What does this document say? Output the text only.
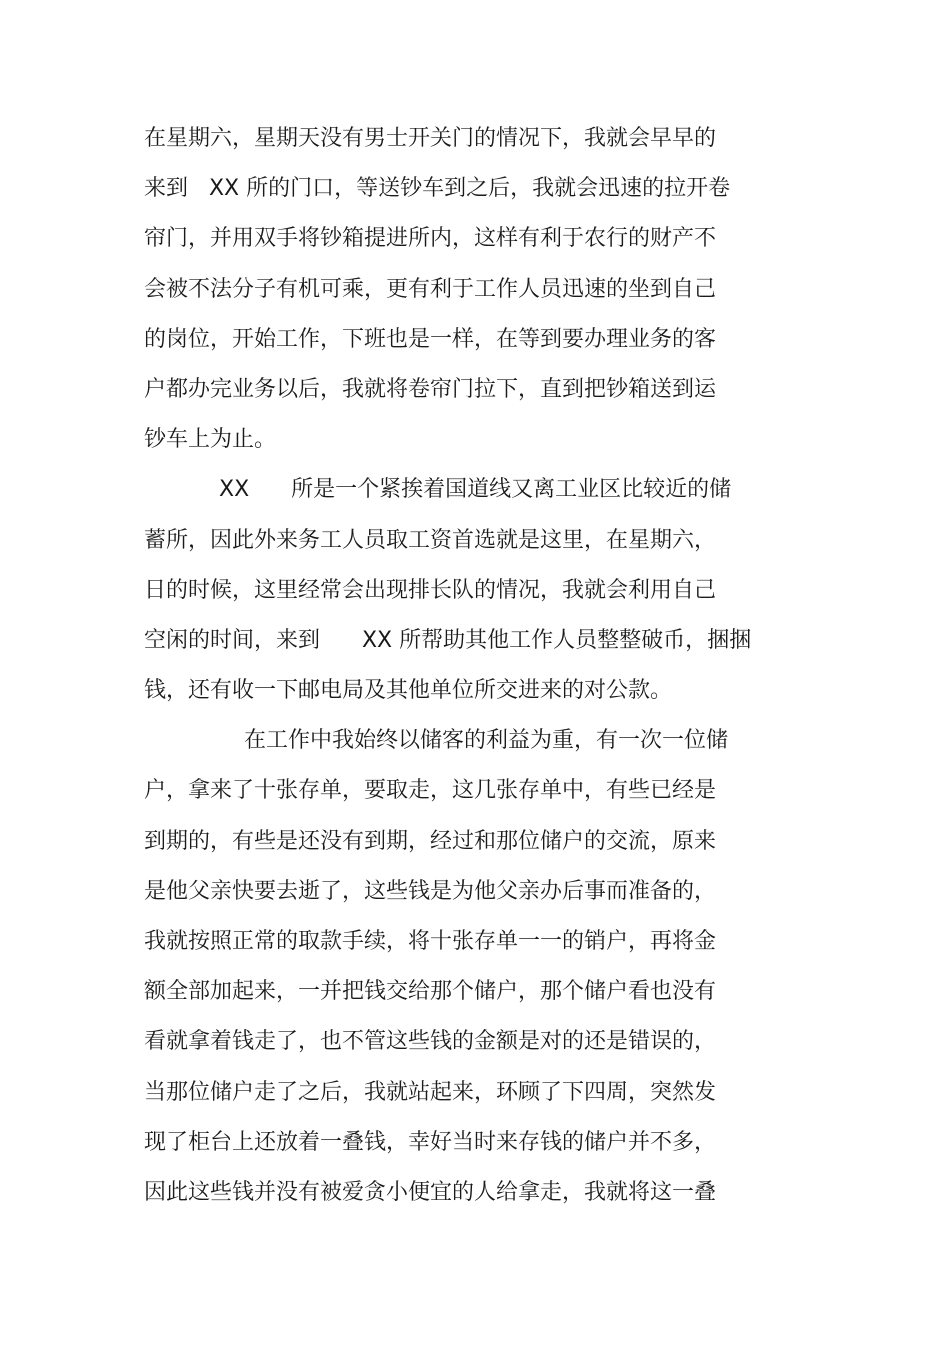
在星期六，星期天没有男士开关门的情况下，我就会早早的
来到   XX 所的门口，等送钞车到之后，我就会迅速的拉开卷
帘门，并用双手将钞箱提进所内，这样有利于农行的财产不
会被不法分子有机可乘，更有利于工作人员迅速的坐到自己
的岗位，开始工作，下班也是一样，在等到要办理业务的客
户都办完业务以后，我就将卷帘门拉下，直到把钞箱送到运
钞车上为止。
XX      所是一个紧挨着国道线又离工业区比较近的储
蓄所，因此外来务工人员取工资首选就是这里，在星期六，
日的时候，这里经常会出现排长队的情况，我就会利用自己
空闲的时间，来到      XX 所帮助其他工作人员整整破币，捆捆
钱，还有收一下邮电局及其他单位所交进来的对公款。
在工作中我始终以储客的利益为重，有一次一位储
户，拿来了十张存单，要取走，这几张存单中，有些已经是
到期的，有些是还没有到期，经过和那位储户的交流，原来
是他父亲快要去逝了，这些钱是为他父亲办后事而准备的，
我就按照正常的取款手续，将十张存单一一的销户，再将金
额全部加起来，一并把钱交给那个储户，那个储户看也没有
看就拿着钱走了，也不管这些钱的金额是对的还是错误的，
当那位储户走了之后，我就站起来，环顾了下四周，突然发
现了柜台上还放着一叠钱，幸好当时来存钱的储户并不多，
因此这些钱并没有被爱贪小便宜的人给拿走，我就将这一叠
